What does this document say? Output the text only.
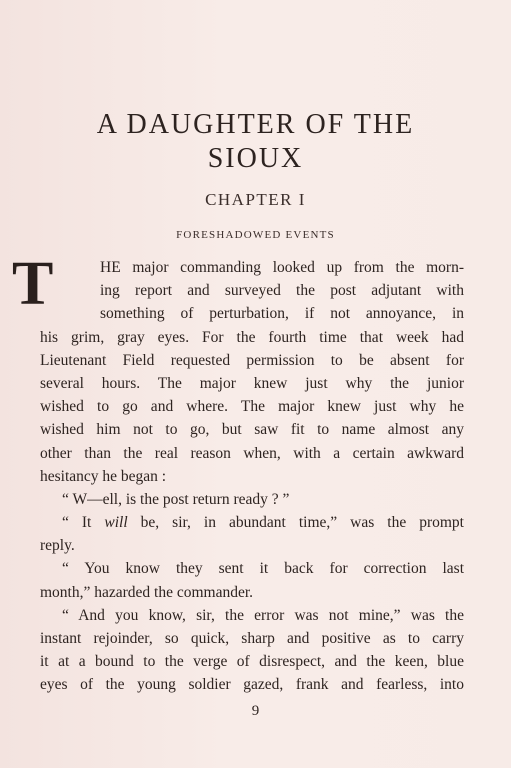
A DAUGHTER OF THE
SIOUX
CHAPTER I
FORESHADOWED EVENTS
T	HE major commanding looked up from the morn-
ing report and surveyed the post adjutant with
something of perturbation, if not annoyance, in
his grim, gray eyes. For the fourth time that week had
Lieutenant Field requested permission to be absent for
several hours. The major knew just why the junior
wished to go and where. The major knew just why he
wished him not to go, but saw fit to name almost any
other than the real reason when, with a certain awkward
hesitancy he began :
“ W—ell, is the post return ready ? ”
“ It will be, sir, in abundant time,” was the prompt
reply.
“ You know they sent it back for correction last
month,” hazarded the commander.
“ And you know, sir, the error was not mine,” was the
instant rejoinder, so quick, sharp and positive as to carry
it at a bound to the verge of disrespect, and the keen, blue
eyes of the young soldier gazed, frank and fearless, into
9
